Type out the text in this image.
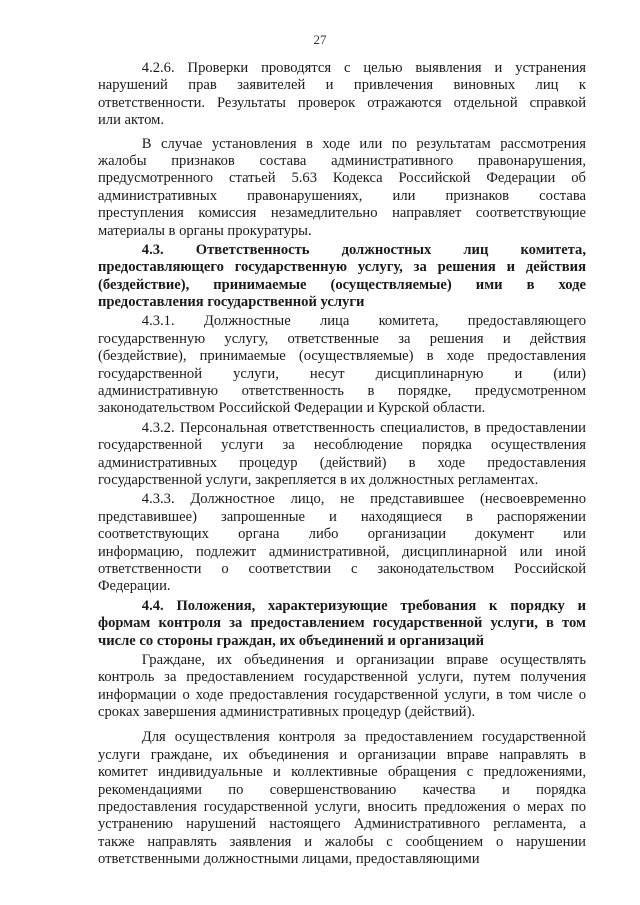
27
   4.2.6. Проверки проводятся с целью выявления и устранения
нарушений прав заявителей и привлечения виновных лиц к
ответственности. Результаты проверок отражаются отдельной справкой
или актом.
   В случае установления в ходе или по результатам рассмотрения
жалобы признаков состава административного правонарушения,
предусмотренного статьей 5.63 Кодекса Российской Федерации об
административных правонарушениях, или признаков состава
преступления комиссия незамедлительно направляет соответствующие
материалы в органы прокуратуры.
   4.3. Ответственность должностных лиц комитета,
предоставляющего государственную услугу, за решения и действия
(бездействие), принимаемые (осуществляемые) ими в ходе
предоставления государственной услуги
   4.3.1. Должностные лица комитета, предоставляющего
государственную услугу, ответственные за решения и действия
(бездействие), принимаемые (осуществляемые) в ходе предоставления
государственной услуги, несут дисциплинарную и (или)
административную ответственность в порядке, предусмотренном
законодательством Российской Федерации и Курской области.
   4.3.2. Персональная ответственность специалистов, в предоставлении
государственной услуги за несоблюдение порядка осуществления
административных процедур (действий) в ходе предоставления
государственной услуги, закрепляется в их должностных регламентах.
   4.3.3. Должностное лицо, не представившее (несвоевременно
представившее) запрошенные и находящиеся в распоряжении
соответствующих органа либо организации документ или
информацию, подлежит административной, дисциплинарной или иной
ответственности о соответствии с законодательством Российской
Федерации.
   4.4. Положения, характеризующие требования к порядку и
формам контроля за предоставлением государственной услуги, в том
числе со стороны граждан, их объединений и организаций
   Граждане, их объединения и организации вправе осуществлять
контроль за предоставлением государственной услуги, путем получения
информации о ходе предоставления государственной услуги, в том числе о
сроках завершения административных процедур (действий).
   Для осуществления контроля за предоставлением государственной
услуги граждане, их объединения и организации вправе направлять в
комитет индивидуальные и коллективные обращения с предложениями,
рекомендациями по совершенствованию качества и порядка
предоставления государственной услуги, вносить предложения о мерах по
устранению нарушений настоящего Административного регламента, а
также направлять заявления и жалобы с сообщением о нарушении
ответственными должностными лицами, предоставляющими
